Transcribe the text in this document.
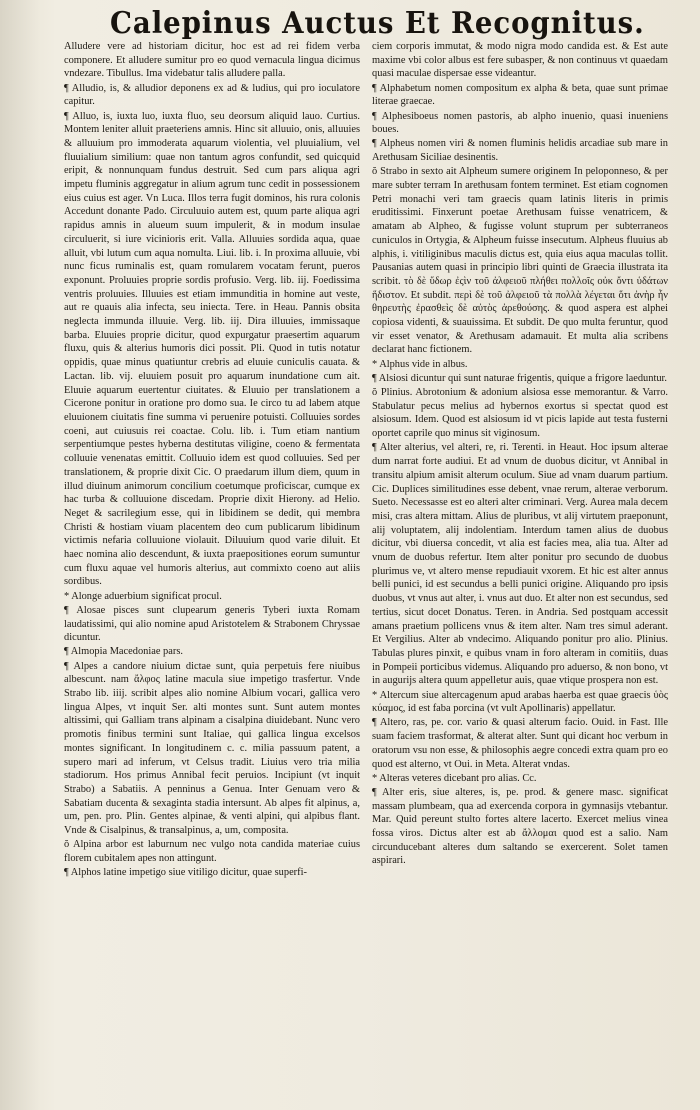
Calepinus Auctus Et Recognitus.

Alludere vere ad historiam dicitur, hoc est ad rei fidem verba componere. Et alludere sumitur pro eo quod vernacula lingua dicimus vndezare. Tibullus. Ima videbatur talis alludere palla.

¶ Alludio, is, & alludior deponens ex ad & ludius, qui pro ioculatore capitur.

¶ Alluo, is, iuxta luo, iuxta fluo, seu deorsum aliquid lauo. Curtius. Montem leniter alluit praeteriens amnis. Hinc sit alluuio, onis, alluuies & alluuium pro immoderata aquarum violentia, vel pluuialium, vel fluuialium similium: quae non tantum agros confundit, sed quicquid eripit, & nonnunquam fundus destruit. Sed cum pars aliqua agri impetu fluminis aggregatur in alium agrum tunc cedit in possessionem eius cuius est ager. Vn Luca. Illos terra fugit dominos, his rura colonis Accedunt donante Pado. Circuluuio autem est, quum parte aliqua agri rapidus amnis in alueum suum impulerit, & in modum insulae circuluerit, si iure vicinioris erit. Valla. Alluuies sordida aqua, quae alluit, vbi lutum cum aqua nomulta. Liui. lib. i. In proxima alluuie, vbi nunc ficus ruminalis est, quam romularem vocatam ferunt, pueros exponunt. Proluuies proprie sordis profusio. Verg. lib. iij. Foedissima ventris proluuies. Illuuies est etiam immunditia in homine aut veste, aut re quauis alia infecta, seu iniecta. Tere. in Heau. Pannis obsita neglecta immunda illuuie. Verg. lib. iij. Dira illuuies, immissaque barba. Eluuies proprie dicitur, quod expurgatur praesertim aquarum fluxu, quis & alterius humoris dici possit. Pli. Quod in tutis notatur oppidis, quae minus quatiuntur crebris ad eluuie cuniculis cauata. & Lactan. lib. vij. eluuiem posuit pro aquarum inundatione cum ait. Eluuie aquarum euertentur ciuitates. & Eluuio per translationem a Cicerone ponitur in oratione pro domo sua. Ie circo tu ad labem atque eluuionem ciuitatis fine summa vi peruenire potuisti. Colluuies sordes coeni, aut cuiusuis rei coactae. Colu. lib. i. Tum etiam nantium serpentiumque pestes hyberna destitutas viligine, coeno & fermentata colluuie venenatas emittit. Colluuio idem est quod colluuies. Sed per translationem, & proprie dixit Cic. O praedarum illum diem, quum in illud diuinum animorum concilium coetumque proficiscar, cumque ex hac turba & colluuione discedam. Proprie dixit Hierony. ad Helio. Neget & sacrilegium esse, qui in libidinem se dedit, qui membra Christi & hostiam viuam placentem deo cum publicarum libidinum victimis nefaria colluuione violauit. Diluuium quod varie diluit. Et haec nomina alio descendunt, & iuxta praepositiones eorum sumuntur cum fluxu aquae vel humoris alterius, aut commixto coeno aut aliis sordibus.

* Alonge aduerbium significat procul.

¶ Alosae pisces sunt clupearum generis Tyberi iuxta Romam laudatissimi, qui alio nomine apud Aristotelem & Strabonem Chryssae dicuntur.

¶ Almopia Macedoniae pars.

¶ Alpes a candore niuium dictae sunt, quia perpetuis fere niuibus albescunt. nam ἄλφος latine macula siue impetigo trasfertur. Vnde Strabo lib. iiij. scribit alpes alio nomine Albium vocari, gallica vero lingua Alpes, vt inquit Ser. alti montes sunt. Sunt autem montes altissimi, qui Galliam trans alpinam a cisalpina diuidebant. Nunc vero promotis finibus termini sunt Italiae, qui gallica lingua excelsos montes significant. In longitudinem c. c. milia passuum patent, a supero mari ad inferum, vt Celsus tradit. Liuius vero tria milia stadiorum. Hos primus Annibal fecit peruios. Incipiunt (vt inquit Strabo) a Sabatiis. A penninus a Genua. Inter Genuam vero & Sabatiam ducenta & sexaginta stadia intersunt. Ab alpes fit alpinus, a, um, pen. pro. Plin. Gentes alpinae, & venti alpini, qui alpibus flant. Vnde & Cisalpinus, & transalpinus, a, um, composita.

ŏ Alpina arbor est laburnum nec vulgo nota candida materiae cuius florem cubitalem apes non attingunt.

¶ Alphos latine impetigo siue vitiligo dicitur, quae superfi-

ciem corporis immutat, & modo nigra modo candida est. & Est aute maxime vbi color albus est fere subasper, & non continuus vt quaedam quasi maculae dispersae esse videantur.

¶ Alphabetum nomen compositum ex alpha & beta, quae sunt primae literae graecae.

¶ Alphesiboeus nomen pastoris, ab alpho inuenio, quasi inueniens boues.

¶ Alpheus nomen viri & nomen fluminis helidis arcadiae sub mare in Arethusam Siciliae desinentis.

ŏ Strabo in sexto ait Alpheum sumere originem In peloponneso, & per mare subter terram In arethusam fontem terminet. Est etiam cognomen Petri monachi veri tam graecis quam latinis literis in primis eruditissimi. Finxerunt poetae Arethusam fuisse venatricem, & amatam ab Alpheo, & fugisse volunt stuprum per subterraneos cuniculos in Ortygia, & Alpheum fuisse insecutum. Alpheus fluuius ab alphis, i. vitiliginibus maculis dictus est, quia eius aqua maculas tollit. Pausanias autem quasi in principio libri quinti de Graecia illustrata ita scribit. τὸ δὲ ὕδωρ ἐςὶν τοῦ ἀλφειοῦ πλήθει πολλοῖς οὐκ ὄντι ὑδάτων ἥδιστον. Et subdit. περὶ δὲ τοῦ ἀλφειοῦ τὰ πολλὰ λέγεται ὅτι ἀνὴρ ἦν θηρευτὴς ἐρασθεὶς δὲ αὐτὸς ἀρεθούσης. & quod aspera est alphei copiosa videnti, & suauissima. Et subdit. De quo multa feruntur, quod vir esset venator, & Arethusam adamauit. Et multa alia scribens declarat hanc fictionem.

* Alphus vide in albus.

¶ Alsiosi dicuntur qui sunt naturae frigentis, quique a frigore laeduntur.

ŏ Plinius. Abrotonium & adonium alsiosa esse memorantur. & Varro. Stabulatur pecus melius ad hybernos exortus si spectat quod est alsiosum. Idem. Quod est alsiosum id vt picis lapide aut testa fusterni oportet caprile quo minus sit viginosum.

¶ Alter alterius, vel alteri, re, ri. Terenti. in Heaut. Hoc ipsum alterae dum narrat forte audiui. Et ad vnum de duobus dicitur, vt Annibal in transitu alpium amisit alterum oculum. Siue ad vnam duarum partium. Cic. Duplices similitudines esse debent, vnae rerum, alterae verborum. Sueto. Necessasse est eo alteri alter criminari. Verg. Aurea mala decem misi, cras altera mittam. Alius de pluribus, vt alij virtutem praeponunt, alij voluptatem, alij indolentiam. Interdum tamen alius de duobus dicitur, vbi diuersa concedit, vt alia est facies mea, alia tua. Alter ad vnum de duobus refertur. Item alter ponitur pro secundo de duobus plurimus ve, vt altero mense repudiauit vxorem. Et hic est alter annus belli punici, id est secundus a belli punici origine. Aliquando pro ipsis duobus, vt vnus aut alter, i. vnus aut duo. Et alter non est secundus, sed tertius, sicut docet Donatus. Teren. in Andria. Sed postquam accessit amans praetium pollicens vnus & item alter. Nam tres simul aderant. Et Vergilius. Alter ab vndecimo. Aliquando ponitur pro alio. Plinius. Tabulas plures pinxit, e quibus vnam in foro alteram in comitiis, duas in Pompeii porticibus videmus. Aliquando pro aduerso, & non bono, vt in augurijs altera quum appelletur auis, quae vtique prospera non est.

* Altercum siue altercagenum apud arabas haerba est quae graecis ὑὸς κύαμος, id est faba porcina (vt vult Apollinaris) appellatur.

¶ Altero, ras, pe. cor. vario & quasi alterum facio. Ouid. in Fast. Ille suam faciem trasformat, & alterat alter. Sunt qui dicant hoc verbum in oratorum vsu non esse, & philosophis aegre concedi extra quam pro eo quod est alterno, vt Oui. in Meta. Alterat vndas.

* Alteras veteres dicebant pro alias. Cc.

¶ Alter eris, siue alteres, is, pe. prod. & genere masc. significat massam plumbeam, qua ad exercenda corpora in gymnasijs vtebantur. Mar. Quid pereunt stulto fortes altere lacerto. Exercet melius vinea fossa viros. Dictus alter est ab ἄλλομαι quod est a salio. Nam circunducebant alteres dum saltando se exercerent. Solet tamen aspirari.
